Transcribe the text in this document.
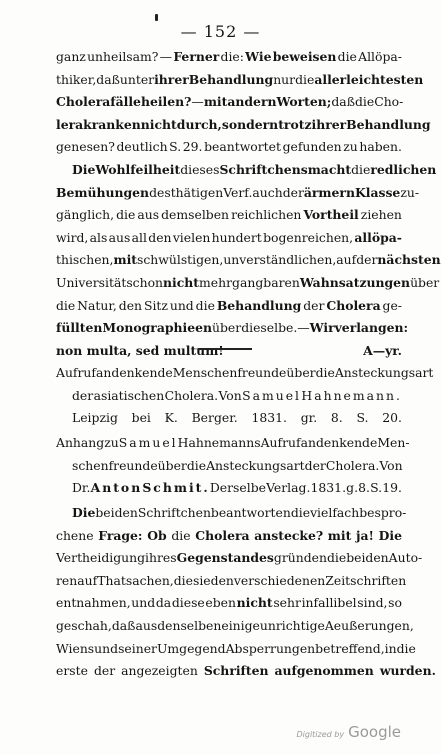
— 152 —
ganz unheilsam? — Ferner die: Wie beweisen die Allöpa-
thiker, daß unter ihrer Behandlung nur die allerleichtesten
Cholerafälle heilen? — mit andern Worten; daß die Cho-
lerakranken nicht durch, sondern trotz ihrer Behandlung
genesen? deutlich S. 29. beantwortet gefunden zu haben.
Die Wohlfeilheit dieses Schriftchens macht die redlichen
Bemühungen des thätigen Verf. auch der ärmern Klasse zu-
gänglich, die aus demselben reichlichen Vortheil ziehen
wird, als aus all den vielen hundert bogenreichen, allöpa-
thischen, mit schwülstigen, unverständlichen, auf der nächsten
Universität schon nicht mehr gangbaren Wahnsatzungen über
die Natur, den Sitz und die Behandlung der Cholera ge-
füllten Monographieen über dieselbe. — Wir verlangen:
non multa, sed multum!	A—yr.
Aufruf an denkende Menschenfreunde über die Ansteckungsart
der asiatischen Cholera. Von Samuel Hahnemann.
Leipzig bei K. Berger. 1831. gr. 8. S. 20.
Anhang zu Samuel Hahnemanns Aufruf an denkende Men-
schenfreunde über die Ansteckungsart der Cholera. Von
Dr. Anton Schmit. Derselbe Verlag. 1831. g. 8. S. 19.
Die beiden Schriftchen beantworten die vielfach bespro-
chene Frage: Ob die Cholera anstecke? mit ja! Die
Vertheidigung ihres Gegenstandes gründen die beiden Auto-
ren auf Thatsachen, die sie den verschiedenen Zeitschriften
entnahmen, und da diese eben nicht sehr infallibel sind, so
geschah, daß aus denselben einige unrichtige Aeußerungen,
Wiens und seiner Umgegend Absperrungen betreffend, in die
erste der angezeigten Schriften aufgenommen wurden.
Digitized by Google
